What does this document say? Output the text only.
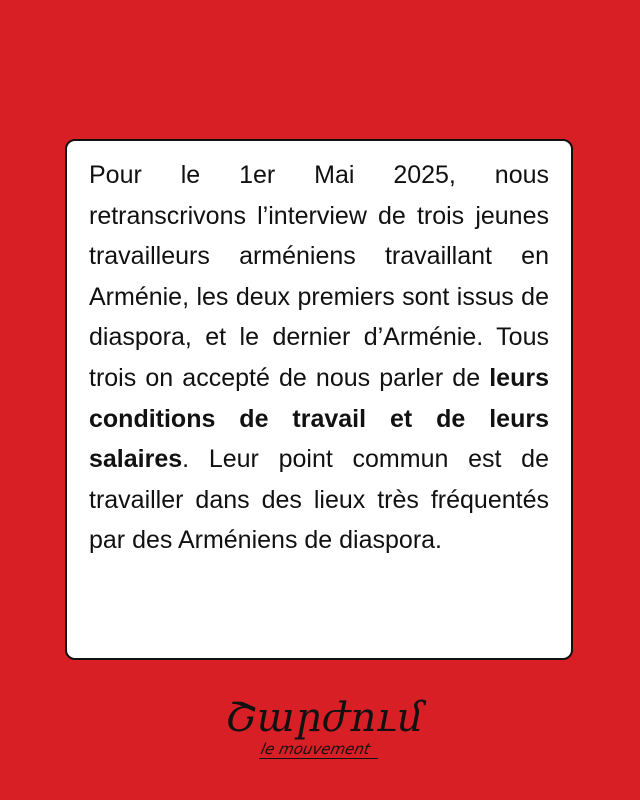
Pour le 1er Mai 2025, nous retranscrivons l’interview de trois jeunes travailleurs arméniens travaillant en Arménie, les deux premiers sont issus de diaspora, et le dernier d’Arménie. Tous trois on accepté de nous parler de leurs conditions de travail et de leurs salaires. Leur point commun est de travailler dans des lieux très fréquentés par des Arméniens de diaspora.

Շարժում
le mouvement
